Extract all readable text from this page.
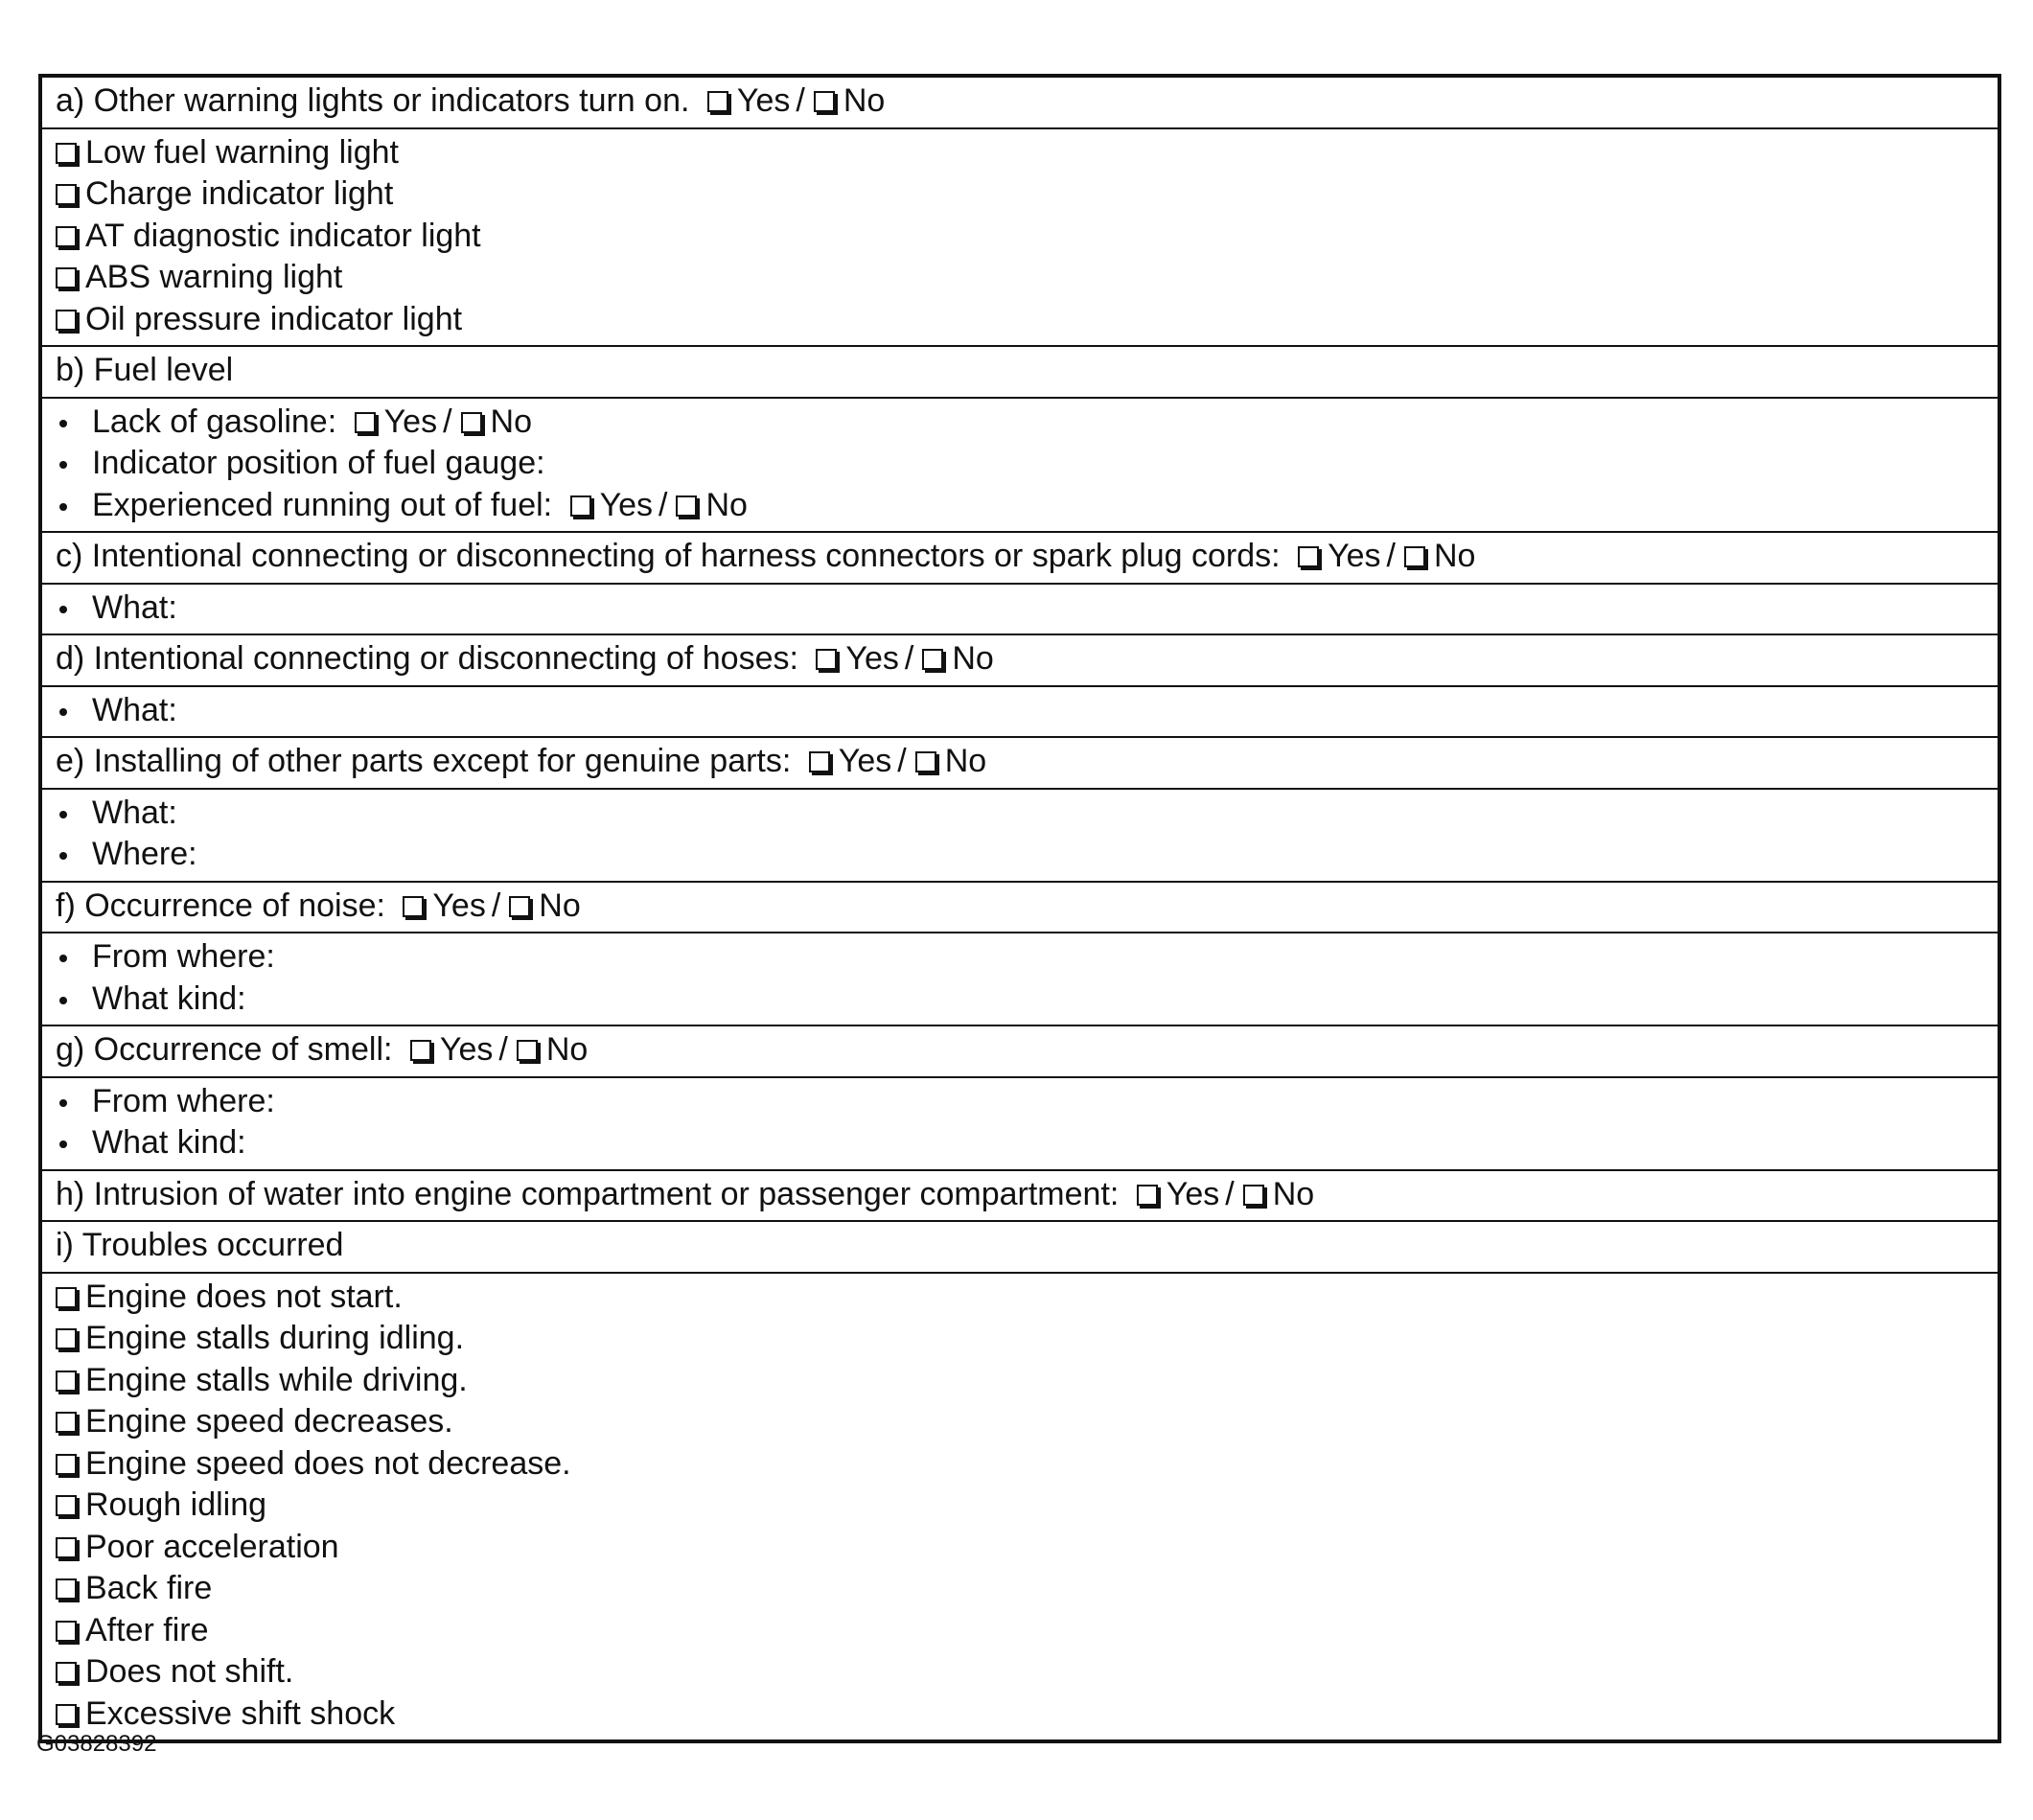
a) Other warning lights or indicators turn on. Yes / No
Low fuel warning light
Charge indicator light
AT diagnostic indicator light
ABS warning light
Oil pressure indicator light
b) Fuel level
Lack of gasoline: Yes / No
Indicator position of fuel gauge:
Experienced running out of fuel: Yes / No
c) Intentional connecting or disconnecting of harness connectors or spark plug cords: Yes / No
What:
d) Intentional connecting or disconnecting of hoses: Yes / No
What:
e) Installing of other parts except for genuine parts: Yes / No
What:
Where:
f) Occurrence of noise: Yes / No
From where:
What kind:
g) Occurrence of smell: Yes / No
From where:
What kind:
h) Intrusion of water into engine compartment or passenger compartment: Yes / No
i) Troubles occurred
Engine does not start.
Engine stalls during idling.
Engine stalls while driving.
Engine speed decreases.
Engine speed does not decrease.
Rough idling
Poor acceleration
Back fire
After fire
Does not shift.
Excessive shift shock
G03828392
